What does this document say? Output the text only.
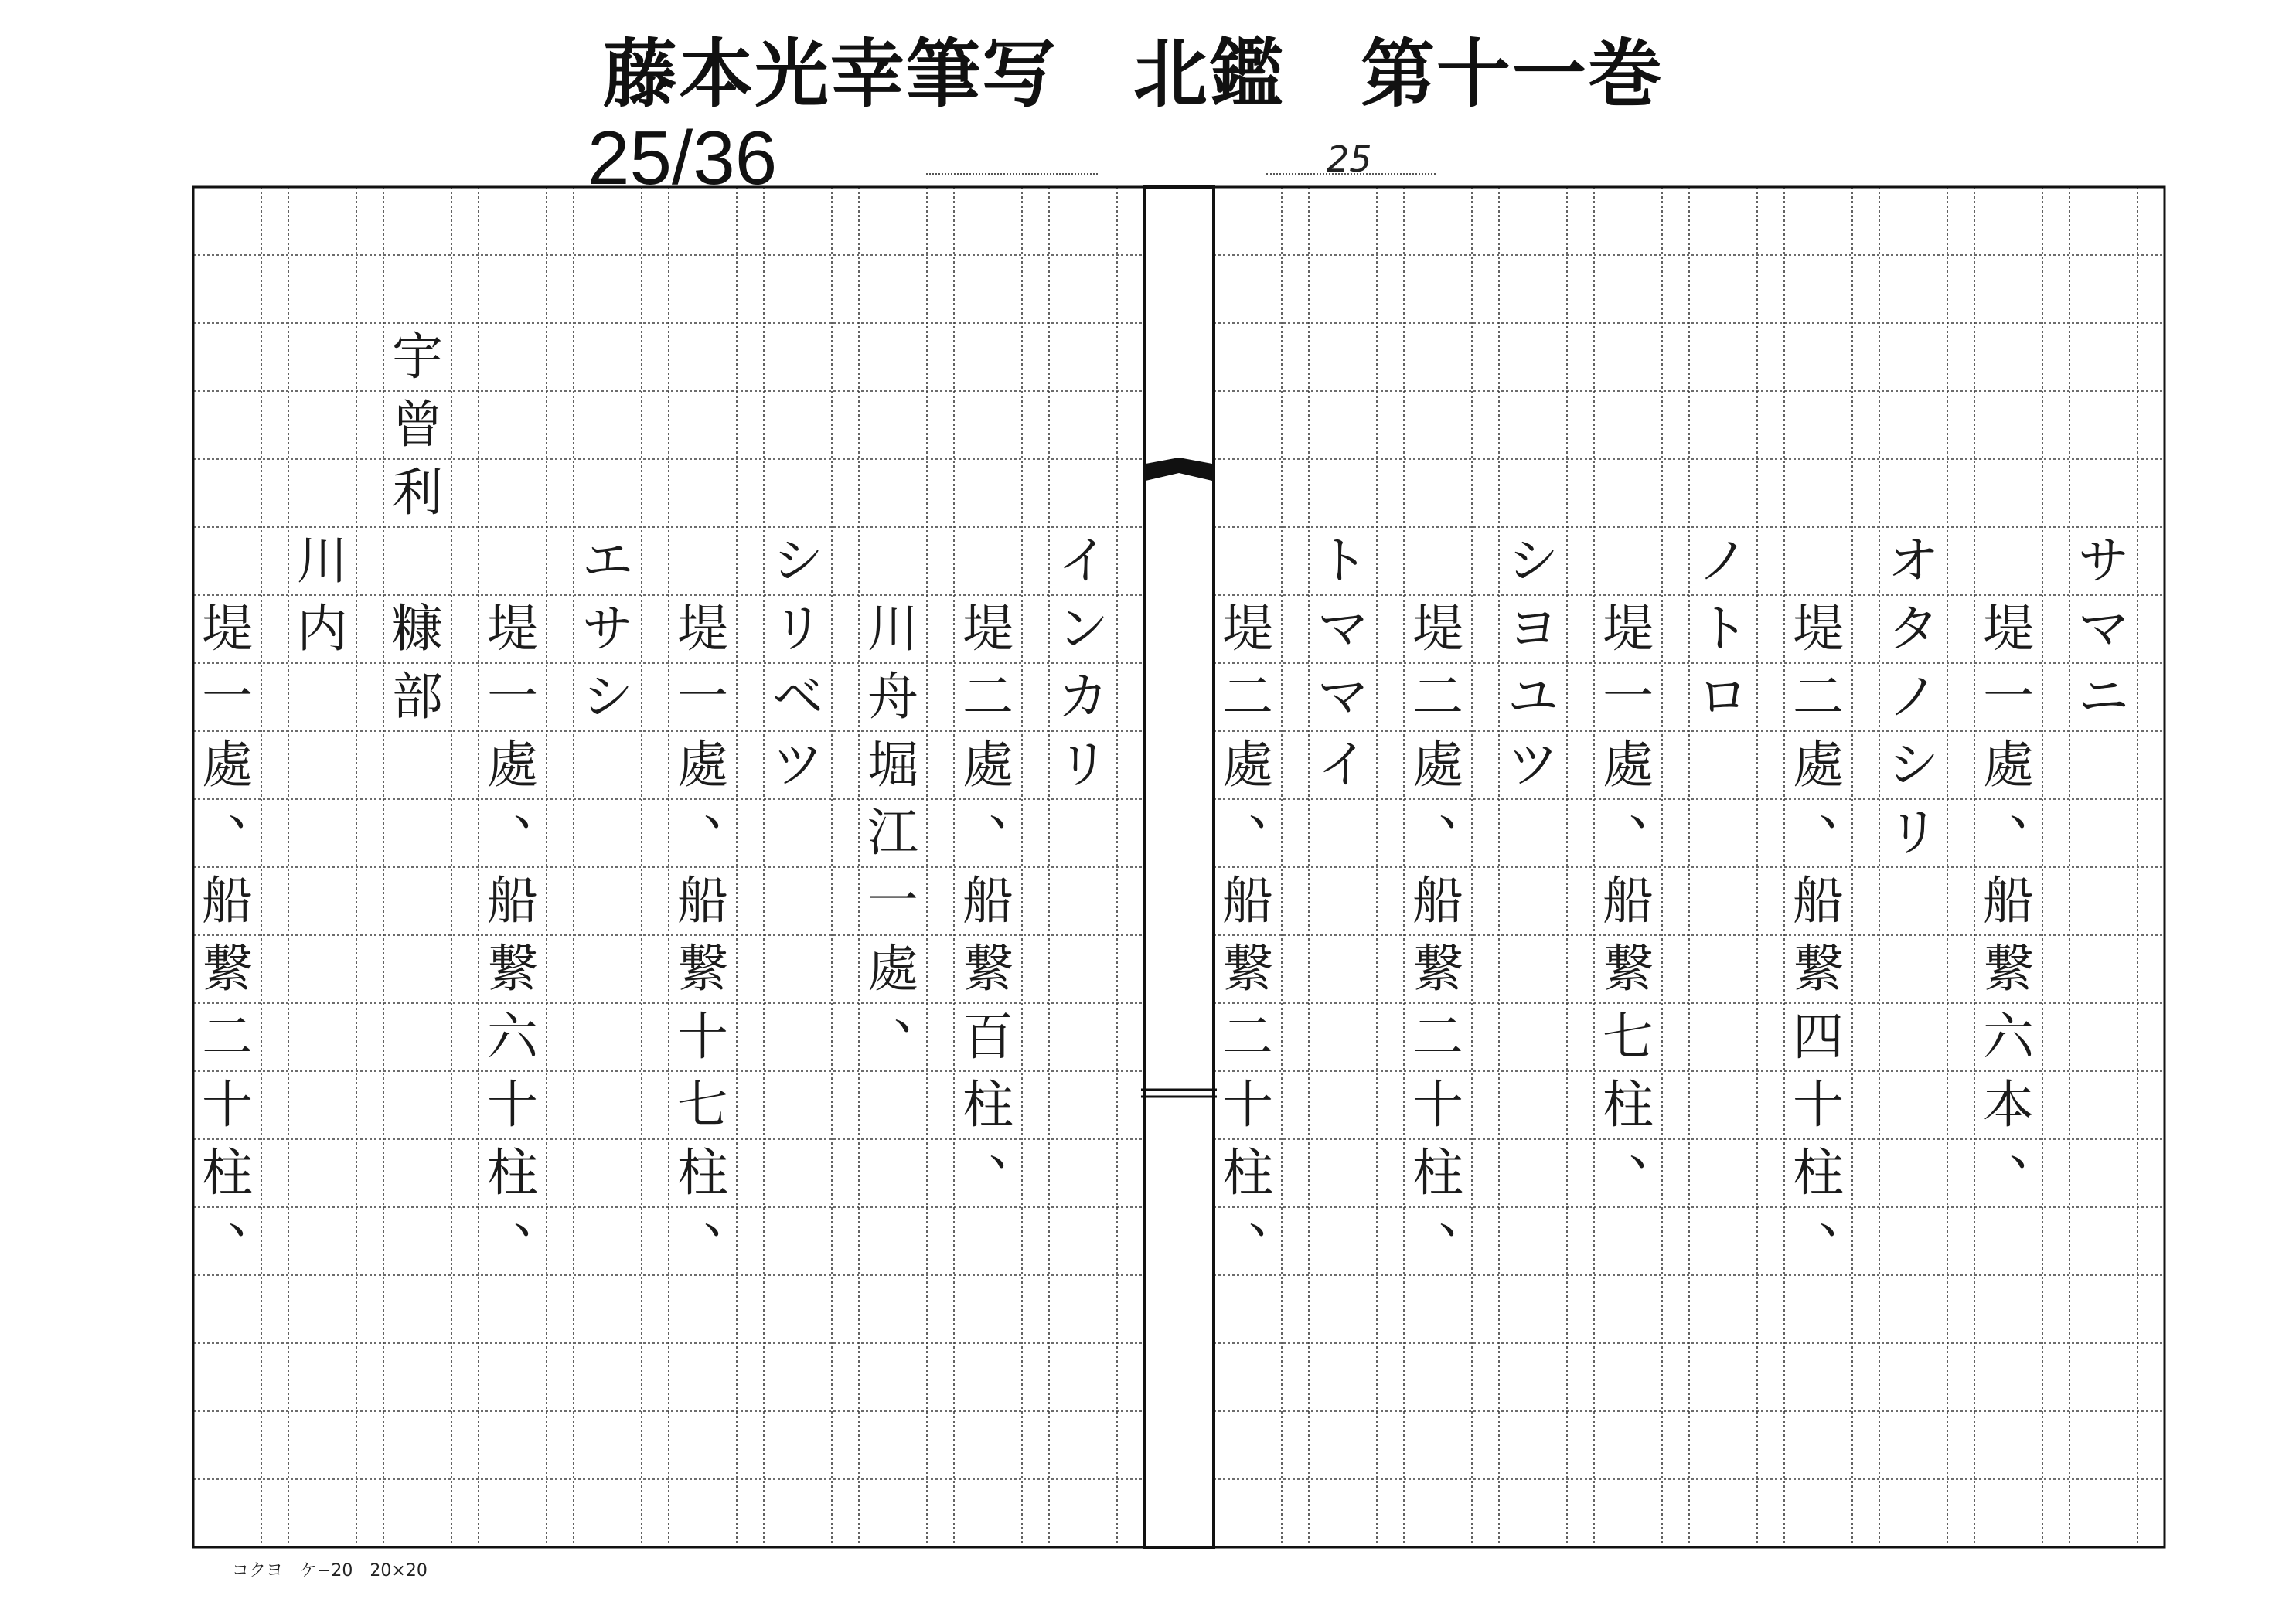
藤本光幸筆写　北鑑　第十一巻
25/36	25
サ
マ
ニ
堤
一
處
、
船
繋
六
本
、
オ
タ
ノ
シ
リ
堤
二
處
、
船
繋
四
十
柱
、
ノ
ト
ロ
堤
一
處
、
船
繋
七
柱
、
シ
ヨ
ユ
ツ
堤
二
處
、
船
繋
二
十
柱
、
ト
マ
マ
イ
堤
二
處
、
船
繋
二
十
柱
、
イ
ン
カ
リ
堤
二
處
、
船
繋
百
柱
、
川
舟
堀
江
一
處
、
シ
リ
ベ
ツ
堤
一
處
、
船
繋
十
七
柱
、
エ
サ
シ
堤
一
處
、
船
繋
六
十
柱
、
宇
曾
利
糠
部
川
内
堤
一
處
、
船
繋
二
十
柱
、
コクヨ　ケ−20　20×20
